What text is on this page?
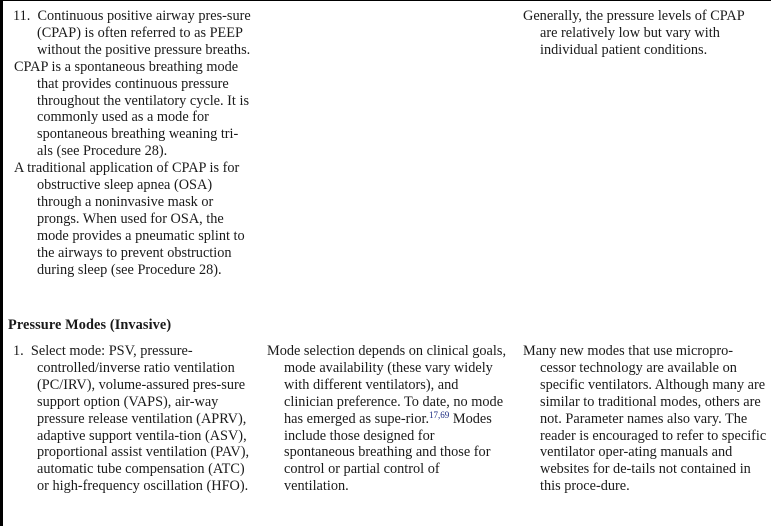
11. Continuous positive airway pres-sure (CPAP) is often referred to as PEEP without the positive pressure breaths.

CPAP is a spontaneous breathing mode that provides continuous pressure throughout the ventilatory cycle. It is commonly used as a mode for spontaneous breathing weaning tri-als (see Procedure 28).

A traditional application of CPAP is for obstructive sleep apnea (OSA) through a noninvasive mask or prongs. When used for OSA, the mode provides a pneumatic splint to the airways to prevent obstruction during sleep (see Procedure 28).

Generally, the pressure levels of CPAP are relatively low but vary with individual patient conditions.

Pressure Modes (Invasive)

1. Select mode: PSV, pressure-controlled/inverse ratio ventilation (PC/IRV), volume-assured pres-sure support option (VAPS), air-way pressure release ventilation (APRV), adaptive support ventila-tion (ASV), proportional assist ventilation (PAV), automatic tube compensation (ATC) or high-frequency oscillation (HFO).

Mode selection depends on clinical goals, mode availability (these vary widely with different ventilators), and clinician preference. To date, no mode has emerged as supe-rior.$^{17,69}$ Modes include those designed for spontaneous breathing and those for control or partial control of ventilation.

Many new modes that use micropro-cessor technology are available on specific ventilators. Although many are similar to traditional modes, others are not. Parameter names also vary. The reader is encouraged to refer to specific ventilator oper-ating manuals and websites for de-tails not contained in this proce-dure.
